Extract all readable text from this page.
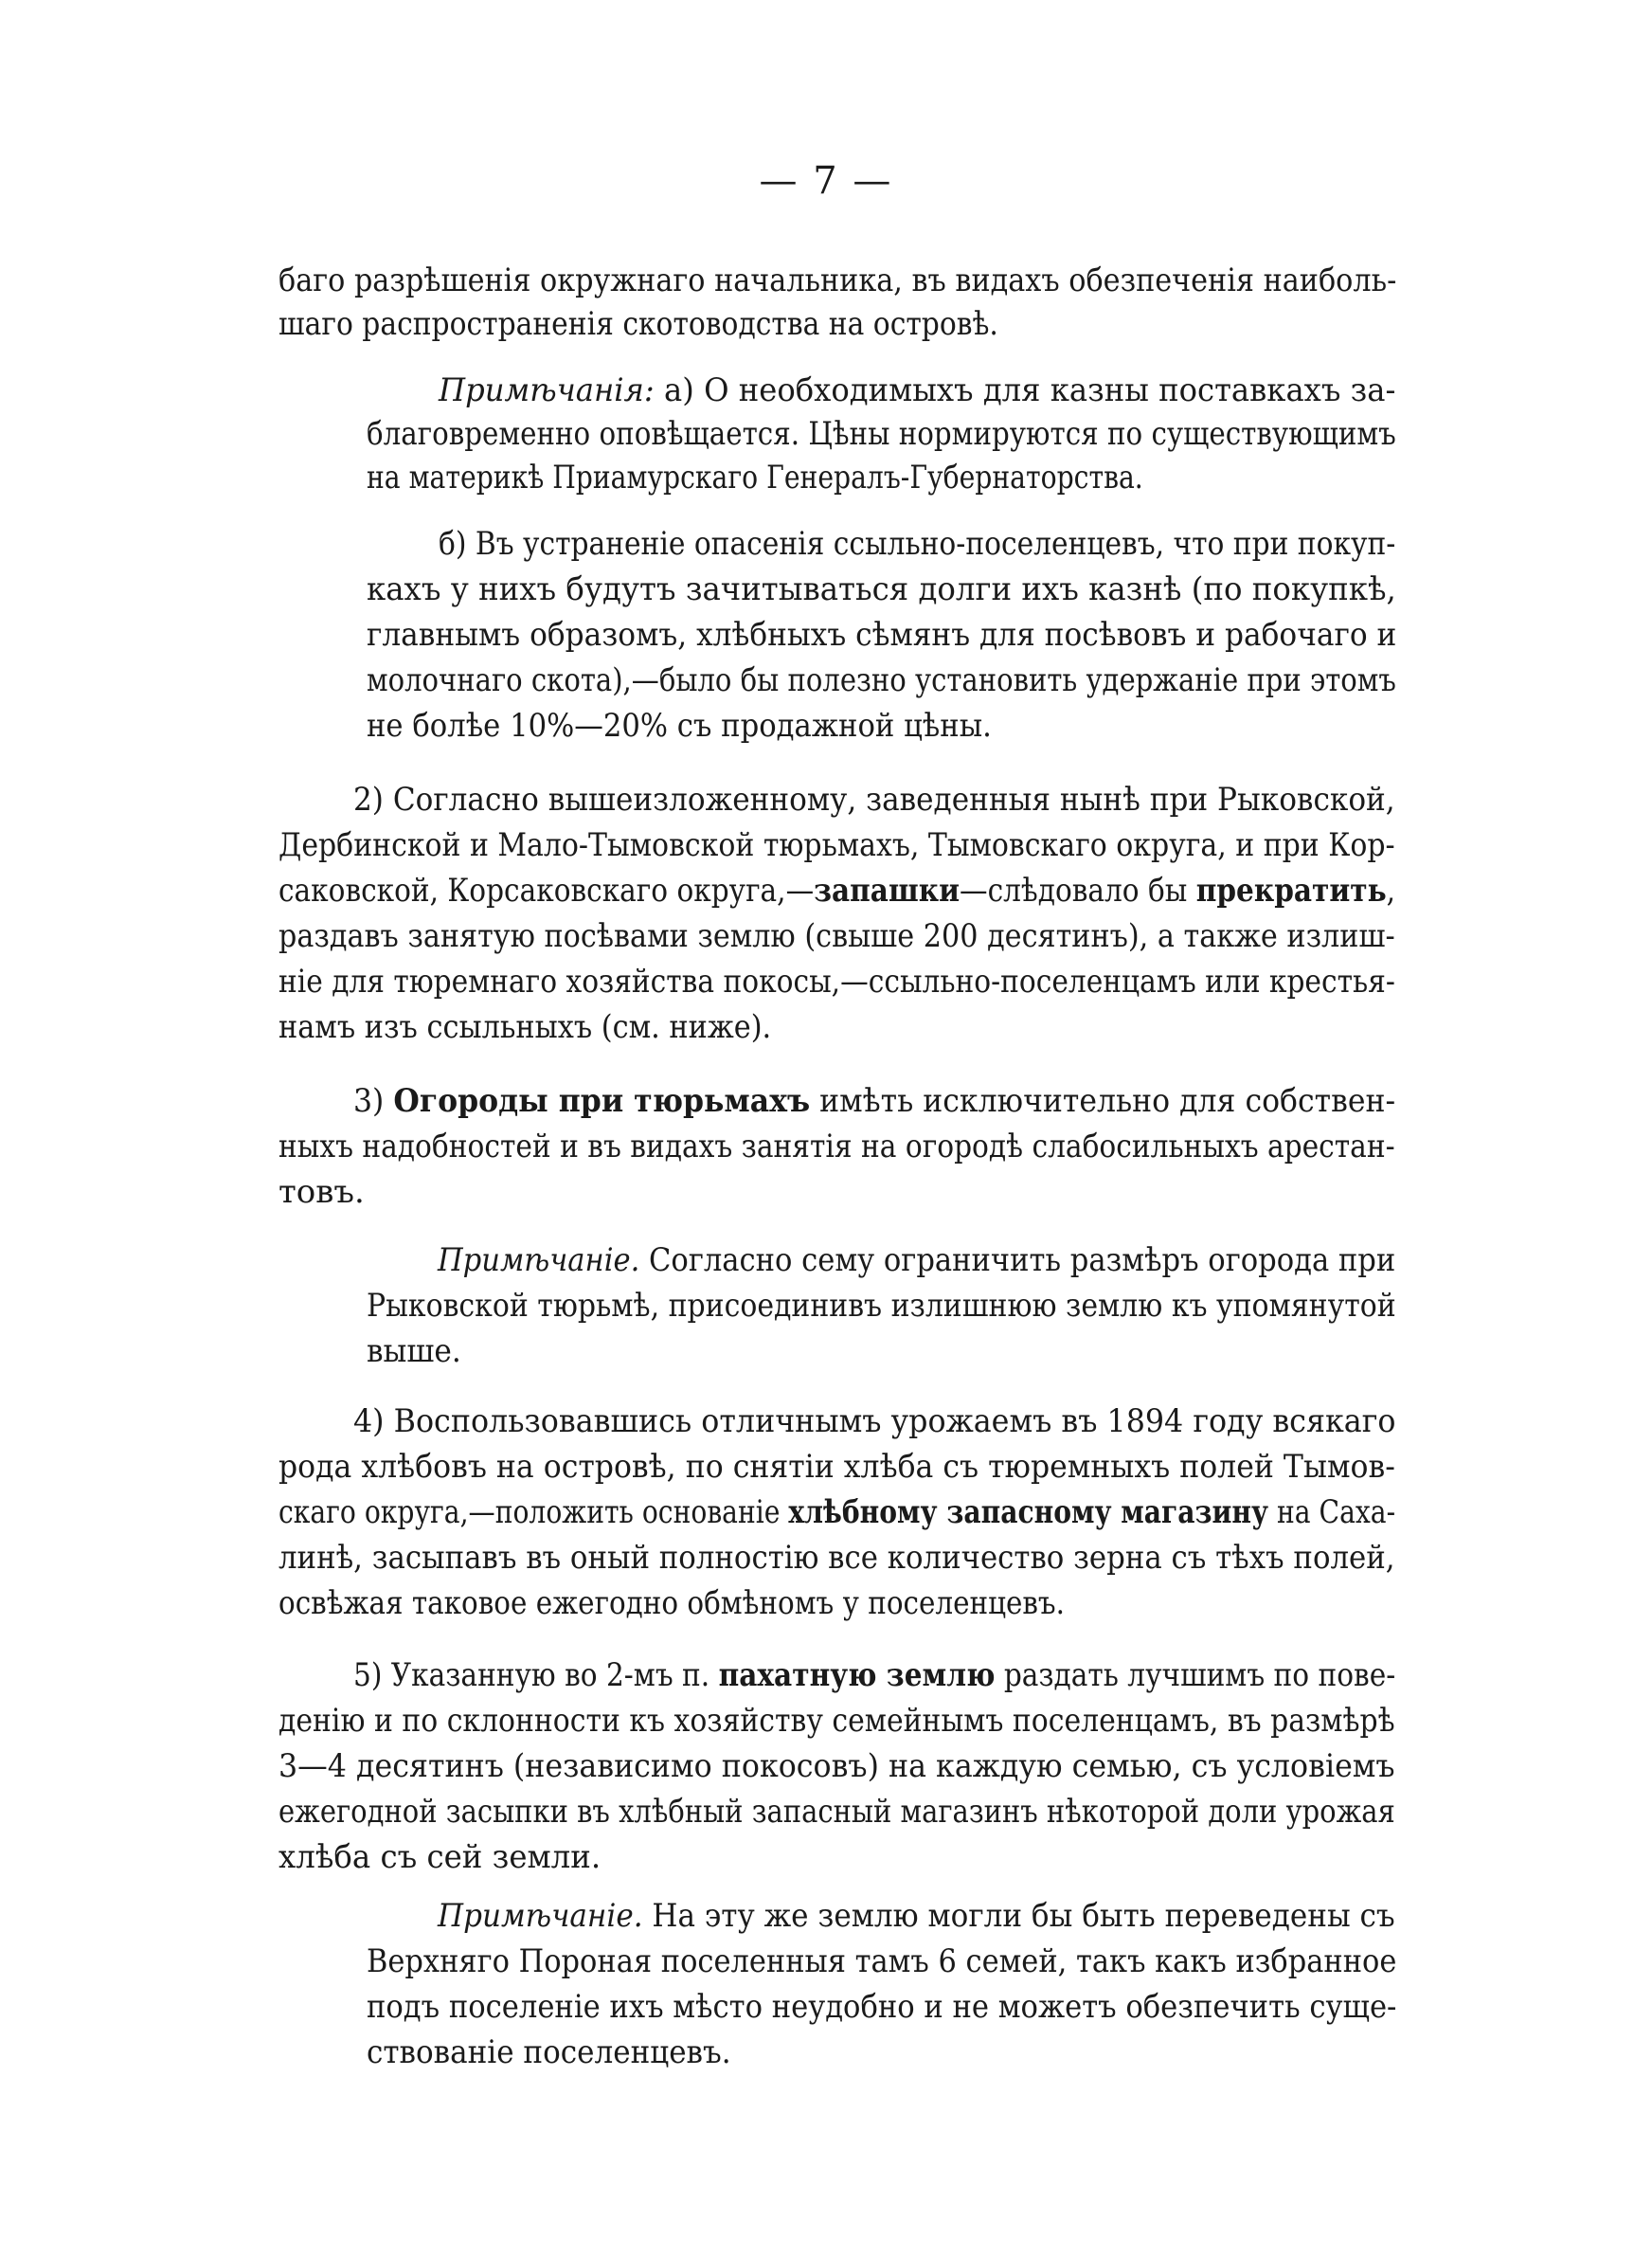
— 7 —
баго разрѣшенія окружнаго начальника, въ видахъ обезпеченія наиболь-
шаго распространенія скотоводства на островѣ.
Примѣчанія: а) О необходимыхъ для казны поставкахъ за-
благовременно оповѣщается. Цѣны нормируются по существующимъ
на материкѣ Приамурскаго Генералъ-Губернаторства.
б) Въ устраненіе опасенія ссыльно-поселенцевъ, что при покуп-
кахъ у нихъ будутъ зачитываться долги ихъ казнѣ (по покупкѣ,
главнымъ образомъ, хлѣбныхъ сѣмянъ для посѣвовъ и рабочаго и
молочнаго скота),—было бы полезно установить удержаніе при этомъ
не болѣе 10%—20% съ продажной цѣны.
2) Согласно вышеизложенному, заведенныя нынѣ при Рыковской,
Дербинской и Мало-Тымовской тюрьмахъ, Тымовскаго округа, и при Кор-
саковской, Корсаковскаго округа,—запашки—слѣдовало бы прекратить,
раздавъ занятую посѣвами землю (свыше 200 десятинъ), а также излиш-
ніе для тюремнаго хозяйства покосы,—ссыльно-поселенцамъ или крестья-
намъ изъ ссыльныхъ (см. ниже).
3) Огороды при тюрьмахъ имѣть исключительно для собствен-
ныхъ надобностей и въ видахъ занятія на огородѣ слабосильныхъ арестан-
товъ.
Примѣчаніе. Согласно сему ограничить размѣръ огорода при
Рыковской тюрьмѣ, присоединивъ излишнюю землю къ упомянутой
выше.
4) Воспользовавшись отличнымъ урожаемъ въ 1894 году всякаго
рода хлѣбовъ на островѣ, по снятіи хлѣба съ тюремныхъ полей Тымов-
скаго округа,—положить основаніе хлѣбному запасному магазину на Саха-
линѣ, засыпавъ въ оный полностію все количество зерна съ тѣхъ полей,
освѣжая таковое ежегодно обмѣномъ у поселенцевъ.
5) Указанную во 2-мъ п. пахатную землю раздать лучшимъ по пове-
денію и по склонности къ хозяйству семейнымъ поселенцамъ, въ размѣрѣ
3—4 десятинъ (независимо покосовъ) на каждую семью, съ условіемъ
ежегодной засыпки въ хлѣбный запасный магазинъ нѣкоторой доли урожая
хлѣба съ сей земли.
Примѣчаніе. На эту же землю могли бы быть переведены съ
Верхняго Пороная поселенныя тамъ 6 семей, такъ какъ избранное
подъ поселеніе ихъ мѣсто неудобно и не можетъ обезпечить суще-
ствованіе поселенцевъ.
